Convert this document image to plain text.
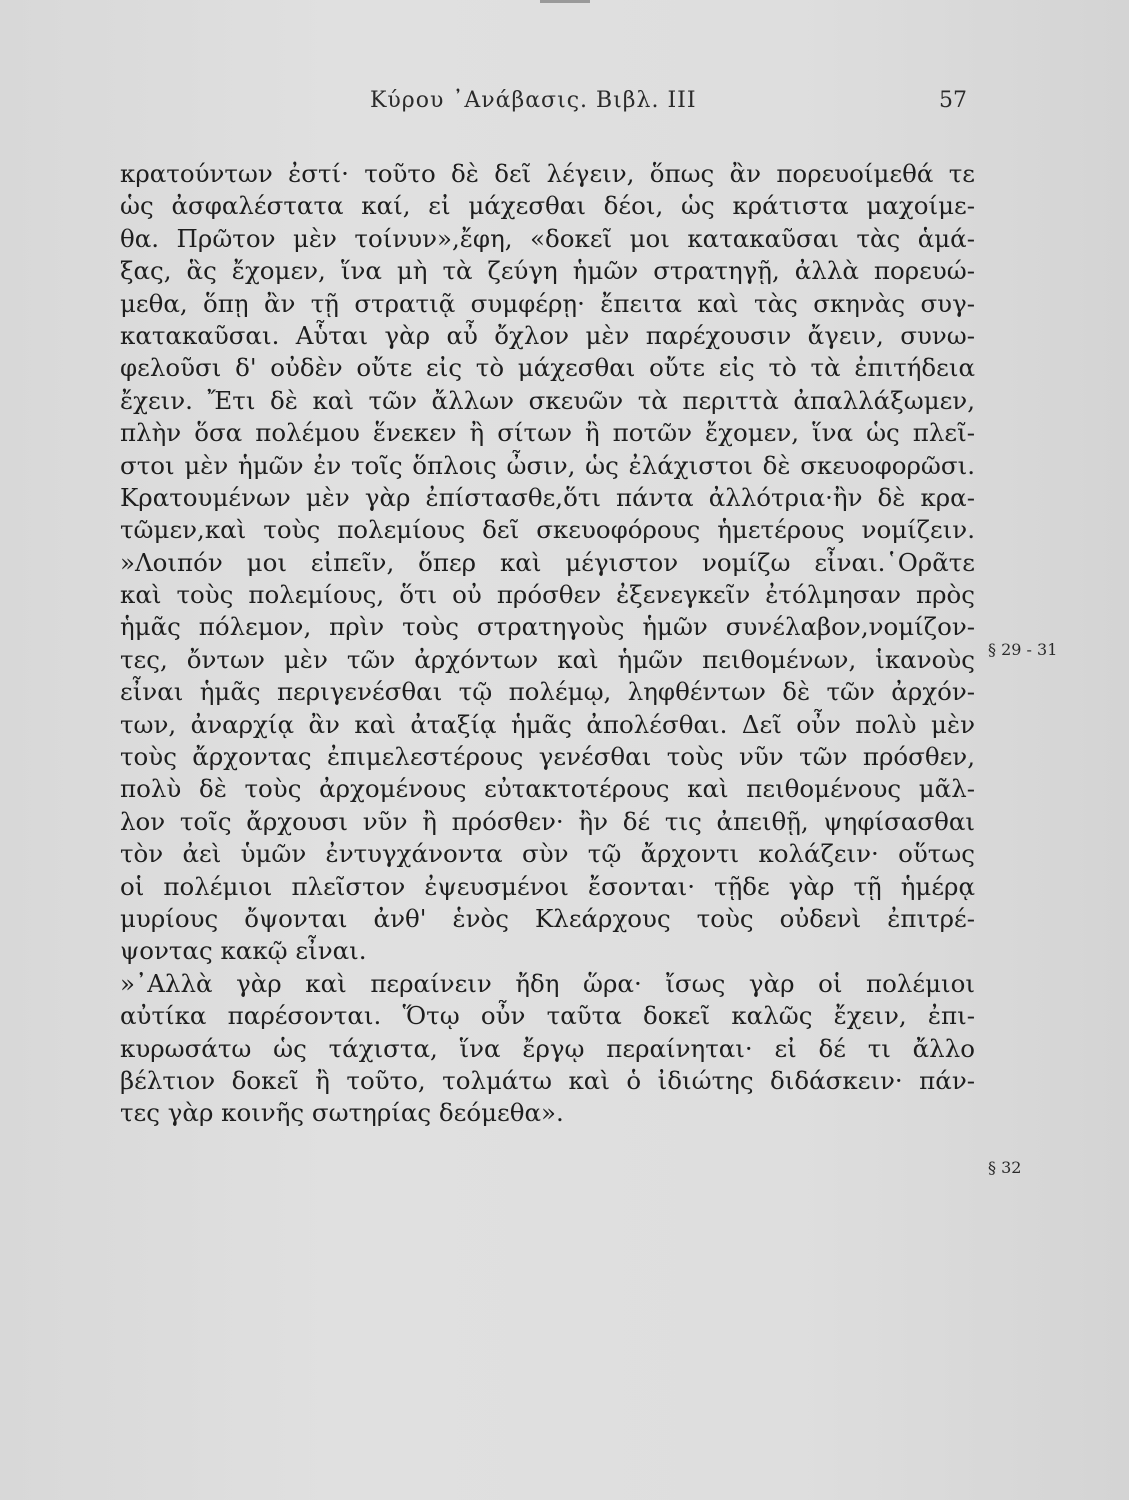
Κύρου ᾿Ανάβασις. Βιβλ. III	57
κρατούντων ἐστί· τοῦτο δὲ δεῖ λέγειν, ὅπως ἂν πορευοίμεθά τε
ὡς ἀσφαλέστατα καί, εἰ μάχεσθαι δέοι, ὡς κράτιστα μαχοίμε-
θα. Πρῶτον μὲν τοίνυν»,ἔφη, «δοκεῖ μοι κατακαῦσαι τὰς ἁμά-
ξας, ἃς ἔχομεν, ἵνα μὴ τὰ ζεύγη ἡμῶν στρατηγῇ, ἀλλὰ πορευώ-
μεθα, ὅπῃ ἂν τῇ στρατιᾷ συμφέρῃ· ἔπειτα καὶ τὰς σκηνὰς συγ-
κατακαῦσαι. Αὗται γὰρ αὖ ὄχλον μὲν παρέχουσιν ἄγειν, συνω-
φελοῦσι δ' οὐδὲν οὔτε εἰς τὸ μάχεσθαι οὔτε εἰς τὸ τὰ ἐπιτήδεια
ἔχειν. Ἔτι δὲ καὶ τῶν ἄλλων σκευῶν τὰ περιττὰ ἀπαλλάξωμεν,
πλὴν ὅσα πολέμου ἕνεκεν ἢ σίτων ἢ ποτῶν ἔχομεν, ἵνα ὡς πλεῖ-
στοι μὲν ἡμῶν ἐν τοῖς ὅπλοις ὦσιν, ὡς ἐλάχιστοι δὲ σκευοφορῶσι.
Κρατουμένων μὲν γὰρ ἐπίστασθε,ὅτι πάντα ἀλλότρια·ἢν δὲ κρα-
τῶμεν,καὶ τοὺς πολεμίους δεῖ σκευοφόρους ἡμετέρους νομίζειν.
»Λοιπόν μοι εἰπεῖν, ὅπερ καὶ μέγιστον νομίζω εἶναι.῾Ορᾶτε
καὶ τοὺς πολεμίους, ὅτι οὐ πρόσθεν ἐξενεγκεῖν ἐτόλμησαν πρὸς
ἡμᾶς πόλεμον, πρὶν τοὺς στρατηγοὺς ἡμῶν συνέλαβον,νομίζον-
τες, ὄντων μὲν τῶν ἀρχόντων καὶ ἡμῶν πειθομένων, ἱκανοὺς
εἶναι ἡμᾶς περιγενέσθαι τῷ πολέμῳ, ληφθέντων δὲ τῶν ἀρχόν-
των, ἀναρχίᾳ ἂν καὶ ἀταξίᾳ ἡμᾶς ἀπολέσθαι. Δεῖ οὖν πολὺ μὲν
τοὺς ἄρχοντας ἐπιμελεστέρους γενέσθαι τοὺς νῦν τῶν πρόσθεν,
πολὺ δὲ τοὺς ἀρχομένους εὐτακτοτέρους καὶ πειθομένους μᾶλ-
λον τοῖς ἄρχουσι νῦν ἢ πρόσθεν· ἢν δέ τις ἀπειθῇ, ψηφίσασθαι
τὸν ἀεὶ ὑμῶν ἐντυγχάνοντα σὺν τῷ ἄρχοντι κολάζειν· οὕτως
οἱ πολέμιοι πλεῖστον ἐψευσμένοι ἔσονται· τῇδε γὰρ τῇ ἡμέρᾳ
μυρίους ὄψονται ἀνθ' ἑνὸς Κλεάρχους τοὺς οὐδενὶ ἐπιτρέ-
ψοντας κακῷ εἶναι.
»᾿Αλλὰ γὰρ καὶ περαίνειν ἤδη ὥρα· ἴσως γὰρ οἱ πολέμιοι
αὐτίκα παρέσονται. Ὅτῳ οὖν ταῦτα δοκεῖ καλῶς ἔχειν, ἐπι-
κυρωσάτω ὡς τάχιστα, ἵνα ἔργῳ περαίνηται· εἰ δέ τι ἄλλο
βέλτιον δοκεῖ ἢ τοῦτο, τολμάτω καὶ ὁ ἰδιώτης διδάσκειν· πάν-
τες γὰρ κοινῆς σωτηρίας δεόμεθα».
§ 29 - 31
§ 32
